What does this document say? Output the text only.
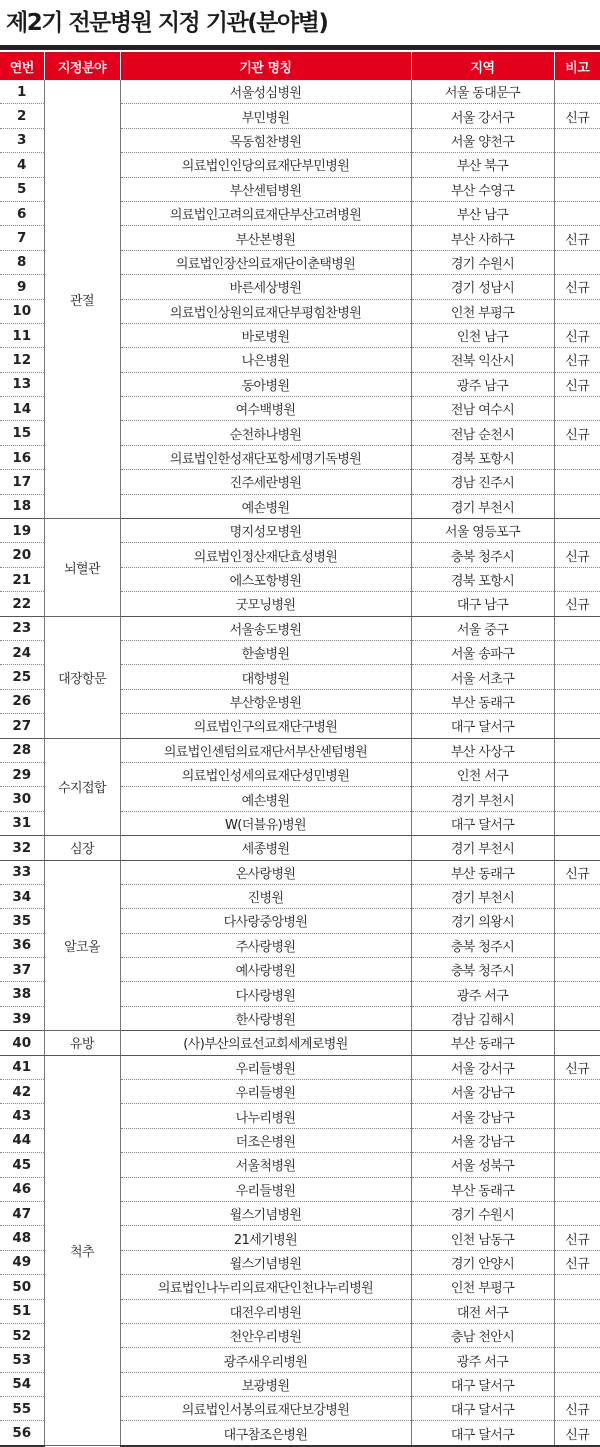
제2기 전문병원 지정 기관(분야별)
연번	지정분야	기관 명칭	지역	비고
1	관절	서울성심병원	서울 동대문구	
2		부민병원	서울 강서구	신규
3		목동힘찬병원	서울 양천구	
4		의료법인인당의료재단부민병원	부산 북구	
5		부산센텀병원	부산 수영구	
6		의료법인고려의료재단부산고려병원	부산 남구	
7		부산본병원	부산 사하구	신규
8		의료법인장산의료재단이춘택병원	경기 수원시	
9		바른세상병원	경기 성남시	신규
10		의료법인상원의료재단부평힘찬병원	인천 부평구	
11		바로병원	인천 남구	신규
12		나은병원	전북 익산시	신규
13		동아병원	광주 남구	신규
14		여수백병원	전남 여수시	
15		순천하나병원	전남 순천시	신규
16		의료법인한성재단포항세명기독병원	경북 포항시	
17		진주세란병원	경남 진주시	
18		예손병원	경기 부천시	
19	뇌혈관	명지성모병원	서울 영등포구	
20		의료법인정산재단효성병원	충북 청주시	신규
21		에스포항병원	경북 포항시	
22		굿모닝병원	대구 남구	신규
23	대장항문	서울송도병원	서울 중구	
24		한솔병원	서울 송파구	
25		대항병원	서울 서초구	
26		부산항운병원	부산 동래구	
27		의료법인구의료재단구병원	대구 달서구	
28	수지접합	의료법인센텀의료재단서부산센텀병원	부산 사상구	
29		의료법인성세의료재단성민병원	인천 서구	
30		예손병원	경기 부천시	
31		W(더블유)병원	대구 달서구	
32	심장	세종병원	경기 부천시	
33	알코올	온사랑병원	부산 동래구	신규
34		진병원	경기 부천시	
35		다사랑중앙병원	경기 의왕시	
36		주사랑병원	충북 청주시	
37		예사랑병원	충북 청주시	
38		다사랑병원	광주 서구	
39		한사랑병원	경남 김해시	
40	유방	(사)부산의료선교회세계로병원	부산 동래구	
41	척추	우리들병원	서울 강서구	신규
42		우리들병원	서울 강남구	
43		나누리병원	서울 강남구	
44		더조은병원	서울 강남구	
45		서울척병원	서울 성북구	
46		우리들병원	부산 동래구	
47		윌스기념병원	경기 수원시	
48		21세기병원	인천 남동구	신규
49		윌스기념병원	경기 안양시	신규
50		의료법인나누리의료재단인천나누리병원	인천 부평구	
51		대전우리병원	대전 서구	
52		천안우리병원	충남 천안시	
53		광주새우리병원	광주 서구	
54		보광병원	대구 달서구	
55		의료법인서봉의료재단보강병원	대구 달서구	신규
56		대구참조은병원	대구 달서구	신규
